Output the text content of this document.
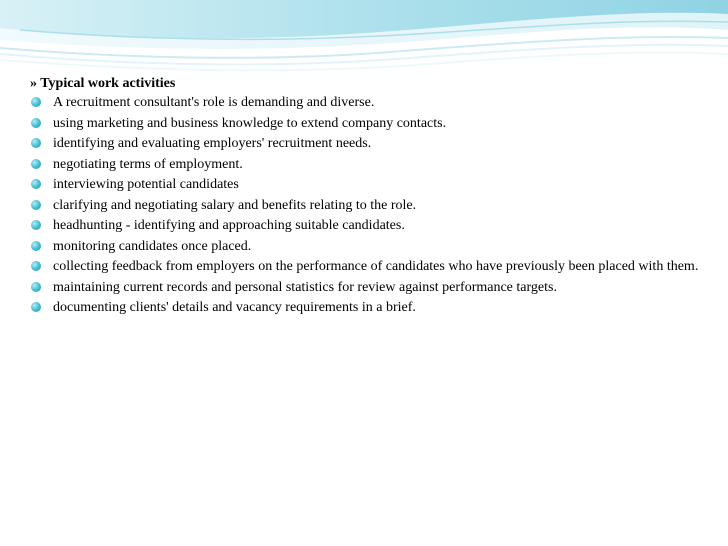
» Typical work activities
A recruitment consultant's role is demanding and diverse.
using marketing and business knowledge to extend company contacts.
identifying and evaluating employers' recruitment needs.
negotiating terms of employment.
interviewing potential candidates
clarifying and negotiating salary and benefits relating to the role.
headhunting - identifying and approaching suitable candidates.
monitoring candidates once placed.
collecting feedback from employers on the performance of candidates who have previously been placed with them.
maintaining current records and personal statistics for review against performance targets.
documenting clients' details and vacancy requirements in a brief.
